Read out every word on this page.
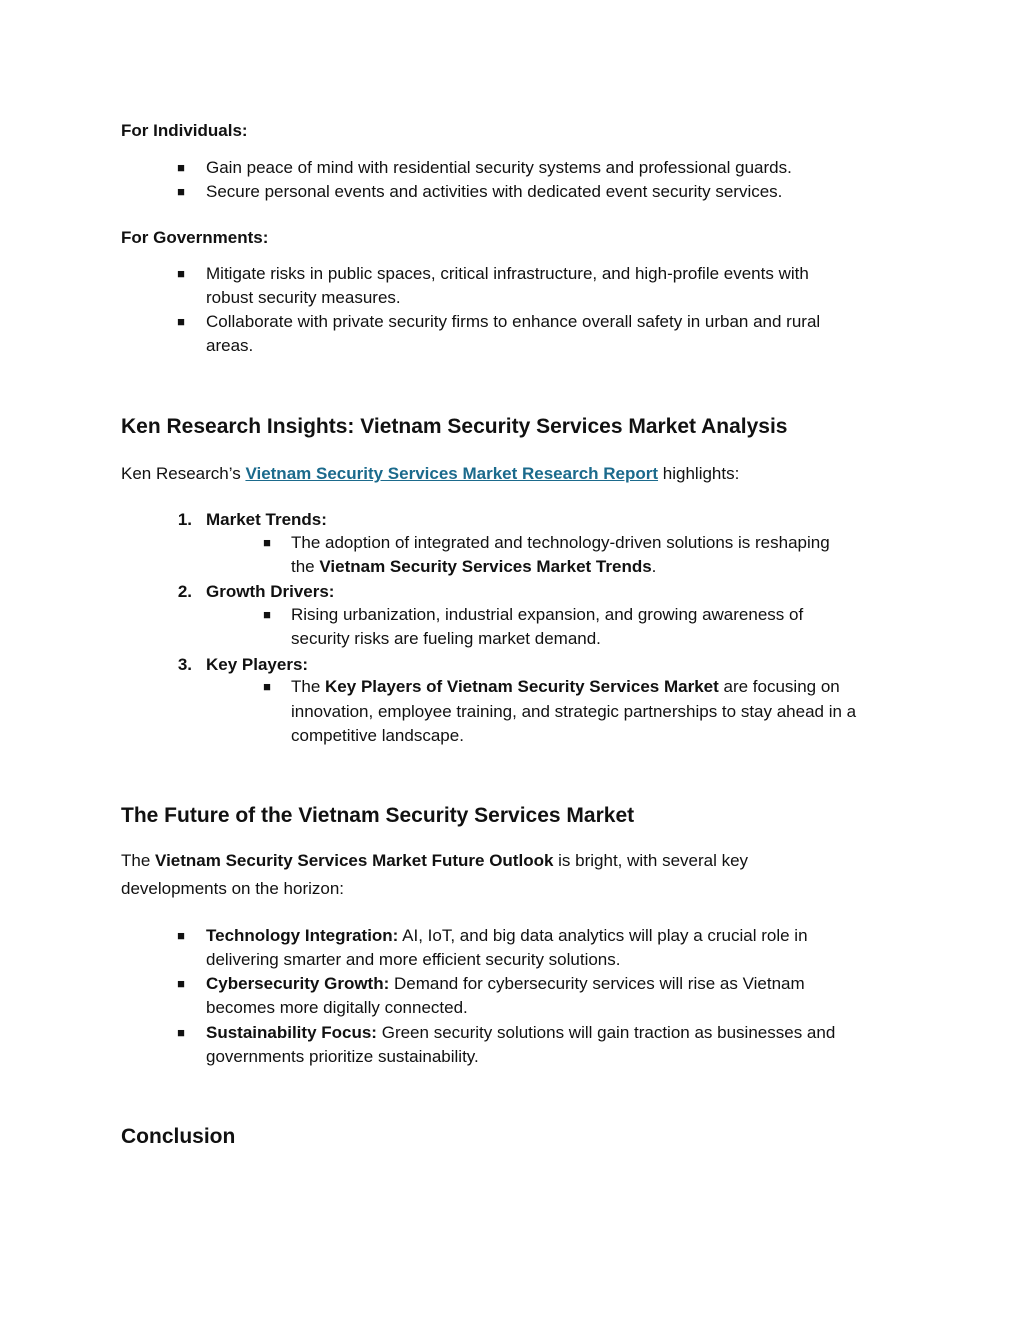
For Individuals:
■ Gain peace of mind with residential security systems and professional guards.
■ Secure personal events and activities with dedicated event security services.
For Governments:
■ Mitigate risks in public spaces, critical infrastructure, and high-profile events with
robust security measures.
■ Collaborate with private security firms to enhance overall safety in urban and rural
areas.
Ken Research Insights: Vietnam Security Services Market Analysis
Ken Research’s Vietnam Security Services Market Research Report highlights:
1. Market Trends:
■ The adoption of integrated and technology-driven solutions is reshaping
the Vietnam Security Services Market Trends.
2. Growth Drivers:
■ Rising urbanization, industrial expansion, and growing awareness of
security risks are fueling market demand.
3. Key Players:
■ The Key Players of Vietnam Security Services Market are focusing on
innovation, employee training, and strategic partnerships to stay ahead in a
competitive landscape.
The Future of the Vietnam Security Services Market
The Vietnam Security Services Market Future Outlook is bright, with several key
developments on the horizon:
■ Technology Integration: AI, IoT, and big data analytics will play a crucial role in
delivering smarter and more efficient security solutions.
■ Cybersecurity Growth: Demand for cybersecurity services will rise as Vietnam
becomes more digitally connected.
■ Sustainability Focus: Green security solutions will gain traction as businesses and
governments prioritize sustainability.
Conclusion
